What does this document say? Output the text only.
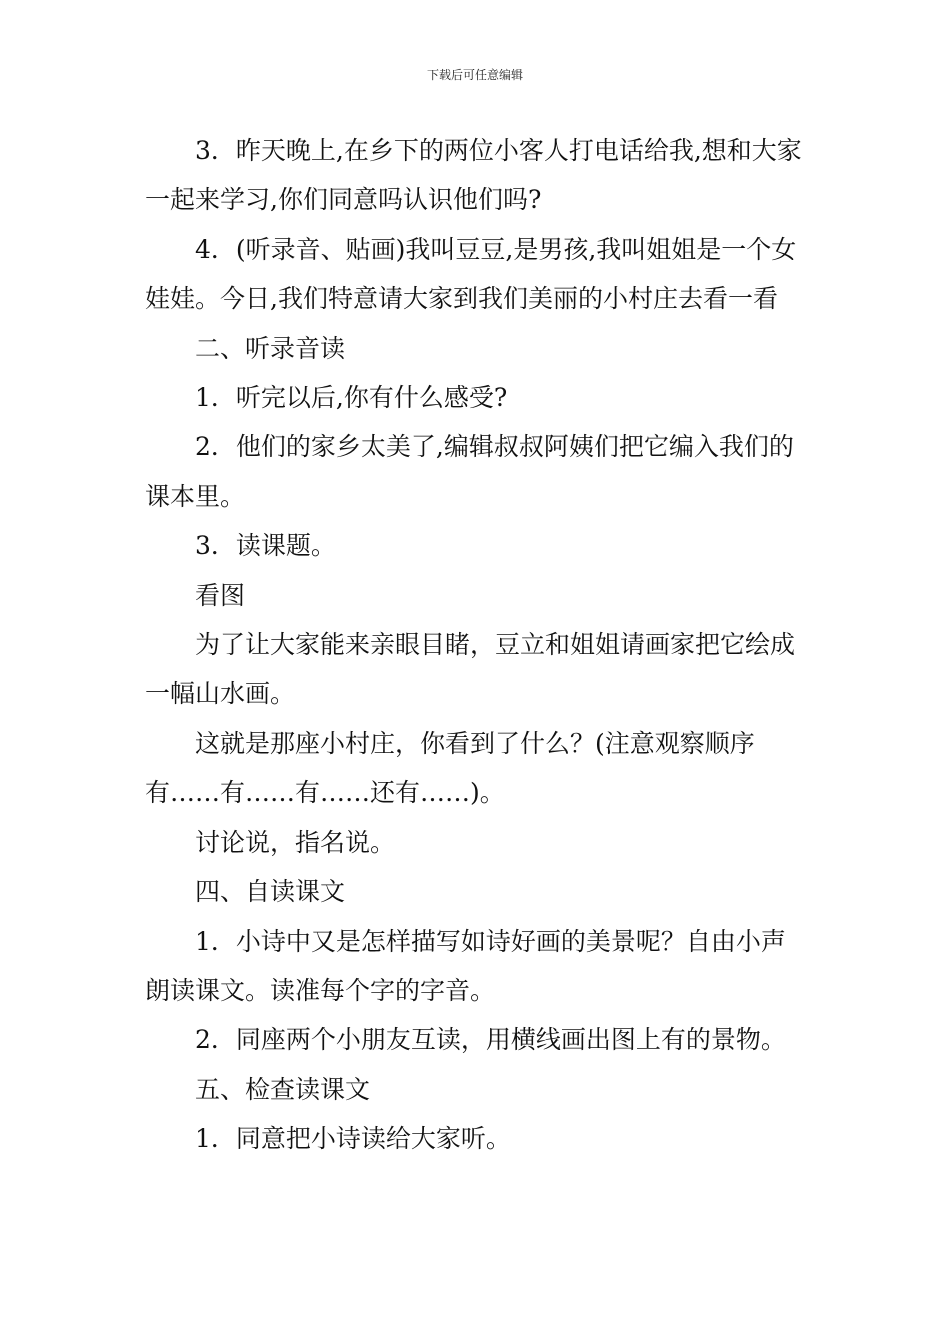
下载后可任意编辑

3．昨天晚上,在乡下的两位小客人打电话给我,想和大家一起来学习,你们同意吗认识他们吗?

4．(听录音、贴画)我叫豆豆,是男孩,我叫姐姐是一个女娃娃。今日,我们特意请大家到我们美丽的小村庄去看一看

二、听录音读

1．听完以后,你有什么感受?

2．他们的家乡太美了,编辑叔叔阿姨们把它编入我们的课本里。

3．读课题。

看图

为了让大家能来亲眼目睹，豆立和姐姐请画家把它绘成一幅山水画。

这就是那座小村庄，你看到了什么？(注意观察顺序有……有……有……还有……)。

讨论说，指名说。

四、自读课文

1．小诗中又是怎样描写如诗好画的美景呢？自由小声朗读课文。读准每个字的字音。

2．同座两个小朋友互读，用横线画出图上有的景物。

五、检查读课文

1．同意把小诗读给大家听。
